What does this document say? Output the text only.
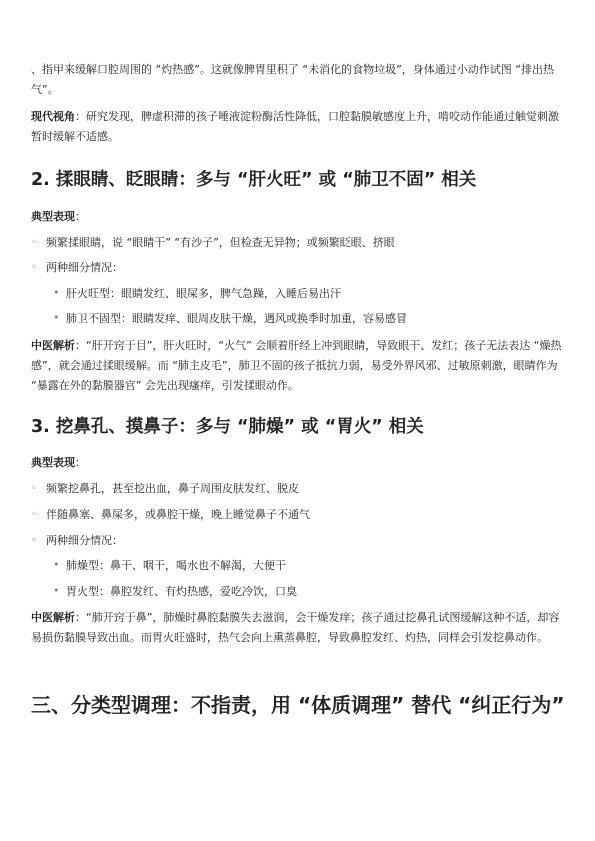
、指甲来缓解口腔周围的 “灼热感”。这就像脾胃里积了 “未消化的食物垃圾”，身体通过小动作试图 “排出热气”。

现代视角：研究发现，脾虚积滞的孩子唾液淀粉酶活性降低，口腔黏膜敏感度上升，啃咬动作能通过触觉刺激暂时缓解不适感。

2. 揉眼睛、眨眼睛：多与 “肝火旺” 或 “肺卫不固” 相关

典型表现：

◦ 频繁揉眼睛，说 “眼睛干” “有沙子”，但检查无异物；或频繁眨眼、挤眼
◦ 两种细分情况：
• 肝火旺型：眼睛发红、眼屎多，脾气急躁，入睡后易出汗
• 肺卫不固型：眼睛发痒、眼周皮肤干燥，遇风或换季时加重，容易感冒

中医解析：“肝开窍于目”，肝火旺时，“火气” 会顺着肝经上冲到眼睛，导致眼干、发红；孩子无法表达 “燥热感”，就会通过揉眼缓解。而 “肺主皮毛”，肺卫不固的孩子抵抗力弱，易受外界风邪、过敏原刺激，眼睛作为 “暴露在外的黏膜器官” 会先出现瘙痒，引发揉眼动作。

3. 挖鼻孔、摸鼻子：多与 “肺燥” 或 “胃火” 相关

典型表现：

◦ 频繁挖鼻孔，甚至挖出血，鼻子周围皮肤发红、脱皮
◦ 伴随鼻塞、鼻屎多，或鼻腔干燥，晚上睡觉鼻子不通气
◦ 两种细分情况：
• 肺燥型：鼻干、咽干，喝水也不解渴，大便干
• 胃火型：鼻腔发红、有灼热感，爱吃冷饮，口臭

中医解析：“肺开窍于鼻”，肺燥时鼻腔黏膜失去滋润，会干燥发痒；孩子通过挖鼻孔试图缓解这种不适，却容易损伤黏膜导致出血。而胃火旺盛时，热气会向上熏蒸鼻腔，导致鼻腔发红、灼热，同样会引发挖鼻动作。

三、分类型调理：不指责，用 “体质调理” 替代 “纠正行为”
